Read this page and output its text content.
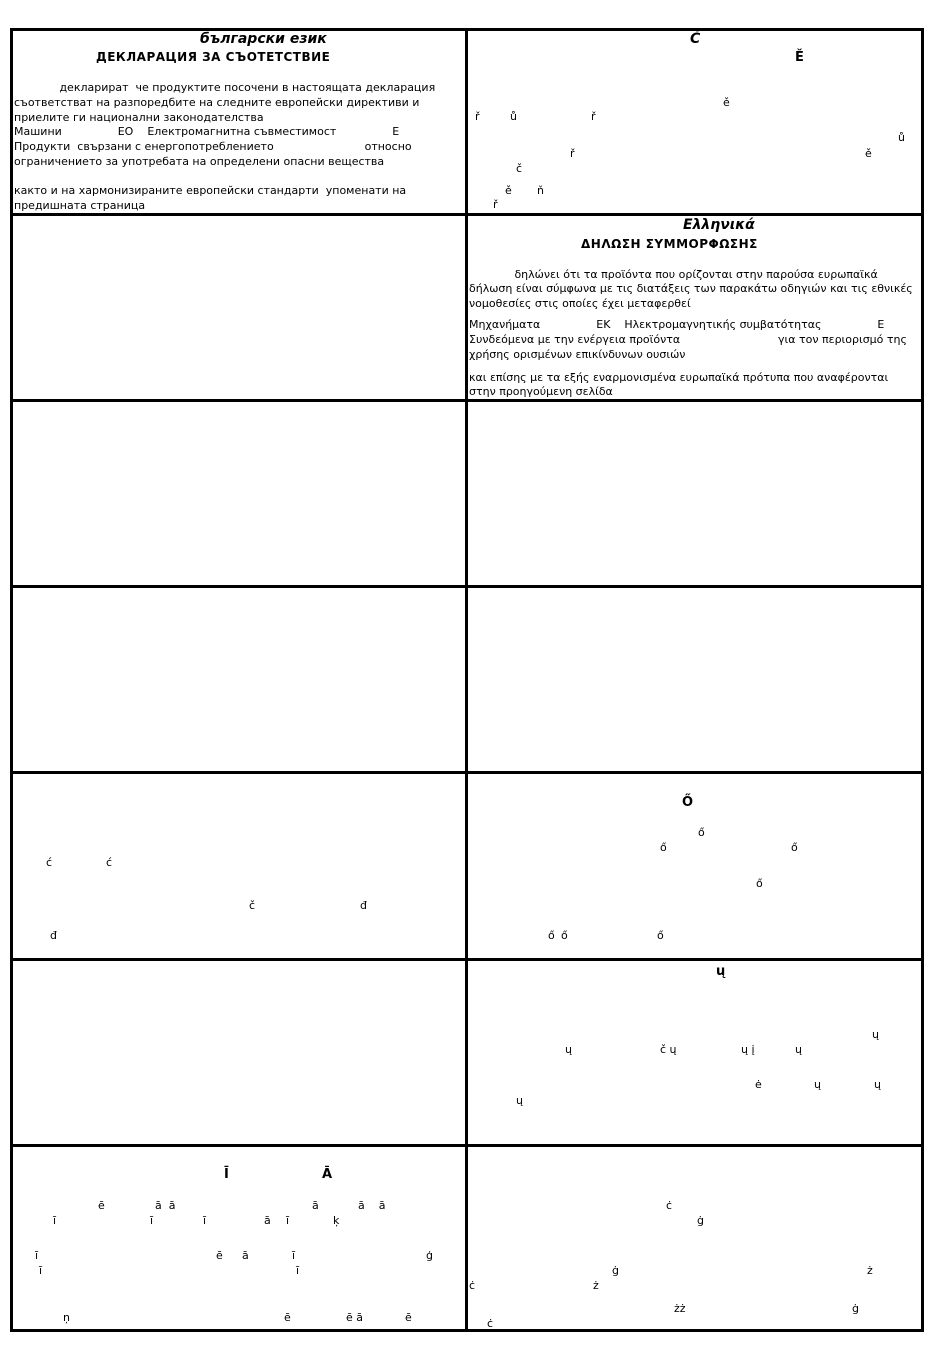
български език
ДЕКЛАРАЦИЯ ЗА СЪОТЕТСТВИЕ
декларират  че продуктите посочени в настоящата декларация
съответстват на разпоредбите на следните европейски директиви и
приелите ги национални законодателства
Машини                ЕО    Електромагнитна съвместимост                Е
Продукти  свързани с енергопотреблението                          относно
ограничението за употребата на определени опасни вещества
както и на хармонизираните европейски стандарти  упоменати на
предишната страница
Č
Ě
ě
ř	ů	ř
ů
ř	ě
č
ě ň
ř
Ελληνικά
ΔΗΛΩΣΗ ΣΥΜΜΟΡΦΩΣΗΣ
δηλώνει ότι τα προϊόντα που ορίζονται στην παρούσα ευρωπαϊκά
δήλωση είναι σύμφωνα με τις διατάξεις των παρακάτω οδηγιών και τις εθνικές
νομοθεσίες στις οποίες έχει μεταφερθεί
Μηχανήματα                ΕΚ    Ηλεκτρομαγνητικής συμβατότητας                Ε
Συνδεόμενα με την ενέργεια προϊόντα                            για τον περιορισμό της
χρήσης ορισμένων επικίνδυνων ουσιών
και επίσης με τα εξής εναρμονισμένα ευρωπαϊκά πρότυπα που αναφέρονται
στην προηγούμενη σελίδα
ć	ć
č	đ
đ
Ő
ő
ő	ő
ő
ő ő	ő
ų
ų
ų	č ų	ų į	ų
ė	ų	ų
ų
Ī	Ā
ē	ā  ā	ā	ā    ā
ī	ī	ī	ā ī	ķ
ī	ē ā	ī	ģ
ī	ī
ņ	ē	ē ā	ē
ċ
ġ
ġ	ż
ċ	ż
żż	ġ
ċ
